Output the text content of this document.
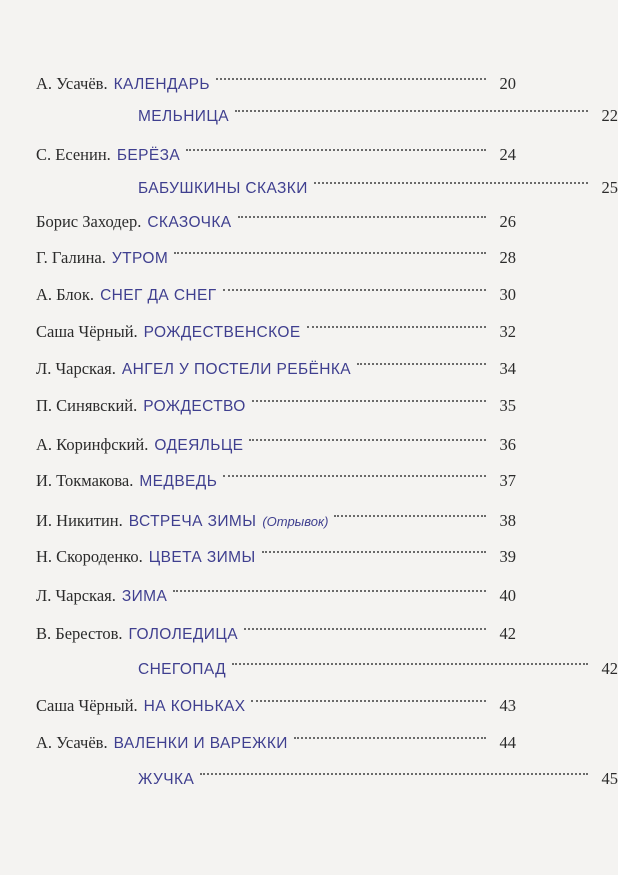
А. Усачёв. КАЛЕНДАРЬ	20
МЕЛЬНИЦА	22
С. Есенин. БЕРЁЗА	24
БАБУШКИНЫ СКАЗКИ	25
Борис Заходер. СКАЗОЧКА	26
Г. Галина. УТРОМ	28
А. Блок. СНЕГ ДА СНЕГ	30
Саша Чёрный. РОЖДЕСТВЕНСКОЕ	32
Л. Чарская. АНГЕЛ У ПОСТЕЛИ РЕБЁНКА	34
П. Синявский. РОЖДЕСТВО	35
А. Коринфский. ОДЕЯЛЬЦЕ	36
И. Токмакова. МЕДВЕДЬ	37
И. Никитин. ВСТРЕЧА ЗИМЫ (Отрывок)	38
Н. Скороденко. ЦВЕТА ЗИМЫ	39
Л. Чарская. ЗИМА	40
В. Берестов. ГОЛОЛЕДИЦА	42
СНЕГОПАД	42
Саша Чёрный. НА КОНЬКАХ	43
А. Усачёв. ВАЛЕНКИ И ВАРЕЖКИ	44
ЖУЧКА	45
